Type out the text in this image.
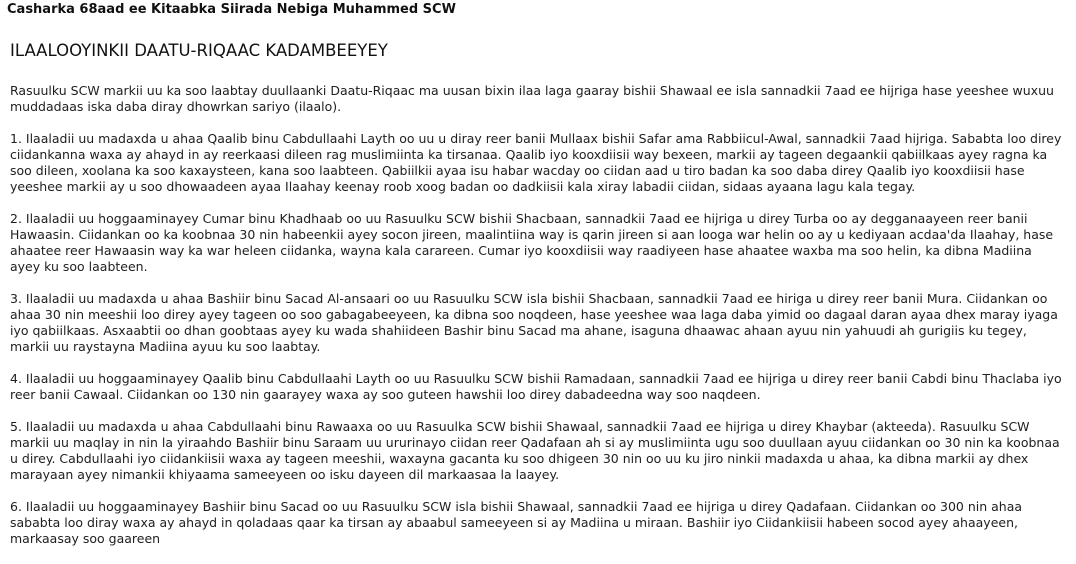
Casharka 68aad ee Kitaabka Siirada Nebiga Muhammed SCW
ILAALOOYINKII DAATU-RIQAAC KADAMBEEYEY

Rasuulku SCW markii uu ka soo laabtay duullaanki Daatu-Riqaac ma uusan bixin ilaa laga gaaray bishii Shawaal ee isla sannadkii 7aad ee hijriga hase yeeshee wuxuu muddadaas iska daba diray dhowrkan sariyo (ilaalo).

1. Ilaaladii uu madaxda u ahaa Qaalib binu Cabdullaahi Layth oo uu u diray reer banii Mullaax bishii Safar ama Rabbiicul-Awal, sannadkii 7aad hijriga. Sababta loo direy ciidankanna waxa ay ahayd in ay reerkaasi dileen rag muslimiinta ka tirsanaa. Qaalib iyo kooxdiisii way bexeen, markii ay tageen degaankii qabiilkaas ayey ragna ka soo dileen, xoolana ka soo kaxaysteen, kana soo laabteen. Qabiilkii ayaa isu habar wacday oo ciidan aad u tiro badan ka soo daba direy Qaalib iyo kooxdiisii hase yeeshee markii ay u soo dhowaadeen ayaa Ilaahay keenay roob xoog badan oo dadkiisii kala xiray labadii ciidan, sidaas ayaana lagu kala tegay.

2. Ilaaladii uu hoggaaminayey Cumar binu Khadhaab oo uu Rasuulku SCW bishii Shacbaan, sannadkii 7aad ee hijriga u direy Turba oo ay degganaayeen reer banii Hawaasin. Ciidankan oo ka koobnaa 30 nin habeenkii ayey socon jireen, maalintiina way is qarin jireen si aan looga war helin oo ay u kediyaan acdaa'da Ilaahay, hase ahaatee reer Hawaasin way ka war heleen ciidanka, wayna kala carareen. Cumar iyo kooxdiisii way raadiyeen hase ahaatee waxba ma soo helin, ka dibna Madiina ayey ku soo laabteen.

3. Ilaaladii uu madaxda u ahaa Bashiir binu Sacad Al-ansaari oo uu Rasuulku SCW isla bishii Shacbaan, sannadkii 7aad ee hiriga u direy reer banii Mura. Ciidankan oo ahaa 30 nin meeshii loo direy ayey tageen oo soo gabagabeeyeen, ka dibna soo noqdeen, hase yeeshee waa laga daba yimid oo dagaal daran ayaa dhex maray iyaga iyo qabiilkaas. Asxaabtii oo dhan goobtaas ayey ku wada shahiideen Bashir binu Sacad ma ahane, isaguna dhaawac ahaan ayuu nin yahuudi ah gurigiis ku tegey, markii uu raystayna Madiina ayuu ku soo laabtay.

4. Ilaaladii uu hoggaaminayey Qaalib binu Cabdullaahi Layth oo uu Rasuulku SCW bishii Ramadaan, sannadkii 7aad ee hijriga u direy reer banii Cabdi binu Thaclaba iyo reer banii Cawaal. Ciidankan oo 130 nin gaarayey waxa ay soo guteen hawshii loo direy dabadeedna way soo naqdeen.

5. Ilaaladii uu madaxda u ahaa Cabdullaahi binu Rawaaxa oo uu Rasuulka SCW bishii Shawaal, sannadkii 7aad ee hijriga u direy Khaybar (akteeda). Rasuulku SCW markii uu maqlay in nin la yiraahdo Bashiir binu Saraam uu ururinayo ciidan reer Qadafaan ah si ay muslimiinta ugu soo duullaan ayuu ciidankan oo 30 nin ka koobnaa u direy. Cabdullaahi iyo ciidankiisii waxa ay tageen meeshii, waxayna gacanta ku soo dhigeen 30 nin oo uu ku jiro ninkii madaxda u ahaa, ka dibna markii ay dhex marayaan ayey nimankii khiyaama sameeyeen oo isku dayeen dil markaasaa la laayey.

6. Ilaaladii uu hoggaaminayey Bashiir binu Sacad oo uu Rasuulku SCW isla bishii Shawaal, sannadkii 7aad ee hijriga u direy Qadafaan. Ciidankan oo 300 nin ahaa sababta loo diray waxa ay ahayd in qoladaas qaar ka tirsan ay abaabul sameeyeen si ay Madiina u miraan. Bashiir iyo Ciidankiisii habeen socod ayey ahaayeen, markaasay soo gaareen
